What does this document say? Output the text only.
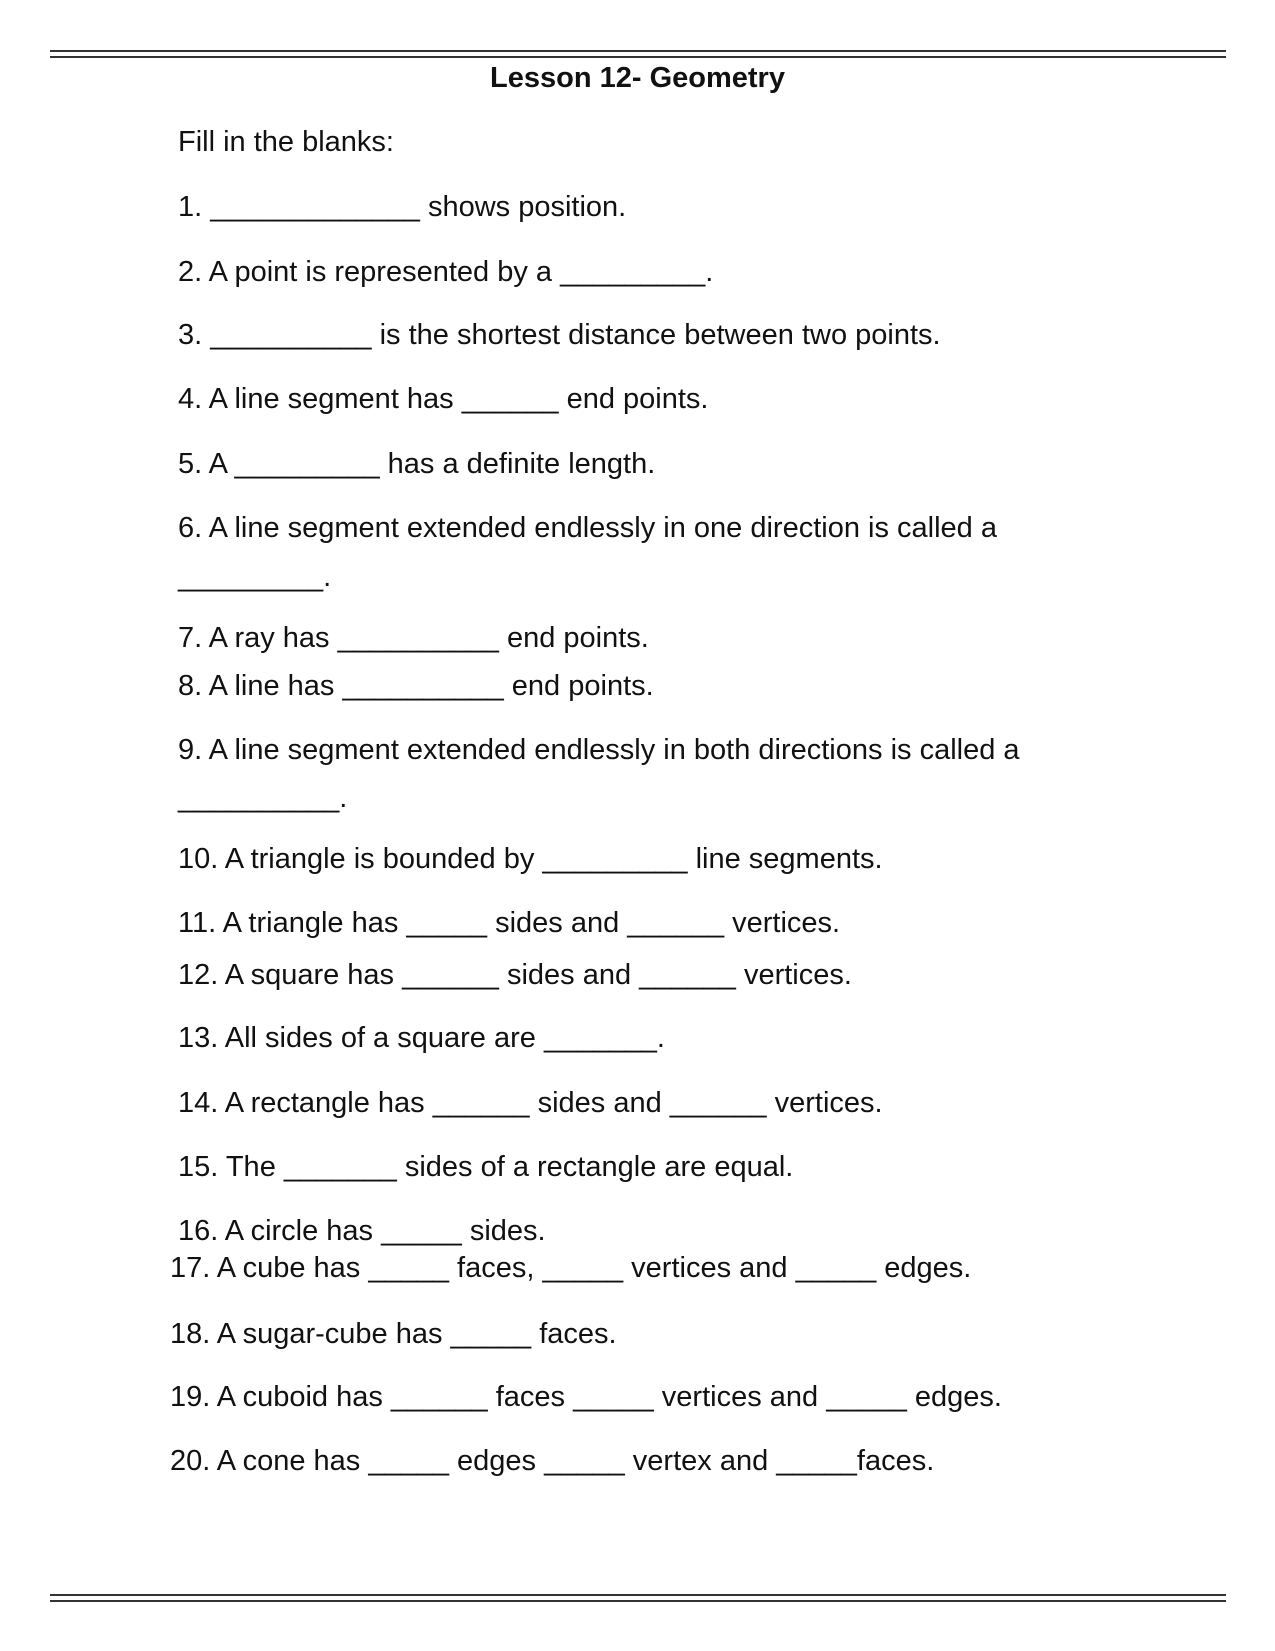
Lesson 12- Geometry
Fill in the blanks:
1. _____________ shows position.
2. A point is represented by a _________.
3. __________ is the shortest distance between two points.
4. A line segment has ______ end points.
5. A _________ has a definite length.
6. A line segment extended endlessly in one direction is called a
_________.
7. A ray has __________ end points.
8. A line has __________ end points.
9. A line segment extended endlessly in both directions is called a
__________.
10. A triangle is bounded by _________ line segments.
11. A triangle has _____ sides and ______ vertices.
12. A square has ______ sides and ______ vertices.
13. All sides of a square are _______.
14. A rectangle has ______ sides and ______ vertices.
15. The _______ sides of a rectangle are equal.
16. A circle has _____ sides.
17. A cube has _____ faces, _____ vertices and _____ edges.
18. A sugar-cube has _____ faces.
19. A cuboid has ______ faces _____ vertices and _____ edges.
20. A cone has _____ edges _____ vertex and _____faces.
